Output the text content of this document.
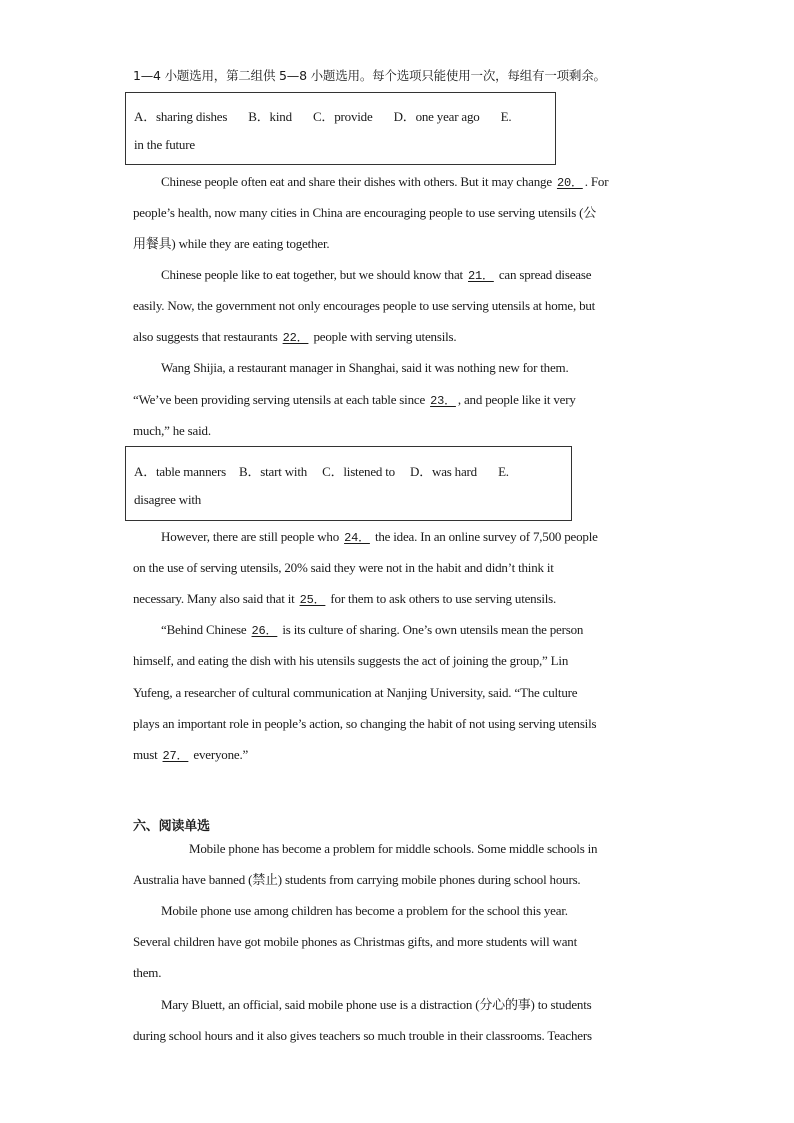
1—4 小题选用，第二组供 5—8 小题选用。每个选项只能使用一次，每组有一项剩余。
A．sharing dishes B．kind C．provide D．one year ago E.
in the future
Chinese people often eat and share their dishes with others. But it may change 20． . For
people’s health, now many cities in China are encouraging people to use serving utensils (公
用餐具) while they are eating together.
Chinese people like to eat together, but we should know that 21． can spread disease
easily. Now, the government not only encourages people to use serving utensils at home, but
also suggests that restaurants 22． people with serving utensils.
Wang Shijia, a restaurant manager in Shanghai, said it was nothing new for them.
“We’ve been providing serving utensils at each table since 23． , and people like it very
much,” he said.
A．table manners B．start with C．listened to D．was hard E.
disagree with
However, there are still people who 24． the idea. In an online survey of 7,500 people
on the use of serving utensils, 20% said they were not in the habit and didn’t think it
necessary. Many also said that it 25． for them to ask others to use serving utensils.
“Behind Chinese 26． is its culture of sharing. One’s own utensils mean the person
himself, and eating the dish with his utensils suggests the act of joining the group,” Lin
Yufeng, a researcher of cultural communication at Nanjing University, said. “The culture
plays an important role in people’s action, so changing the habit of not using serving utensils
must 27． everyone.”
六、阅读单选
Mobile phone has become a problem for middle schools. Some middle schools in
Australia have banned (禁止) students from carrying mobile phones during school hours.
Mobile phone use among children has become a problem for the school this year.
Several children have got mobile phones as Christmas gifts, and more students will want
them.
Mary Bluett, an official, said mobile phone use is a distraction (分心的事) to students
during school hours and it also gives teachers so much trouble in their classrooms. Teachers
